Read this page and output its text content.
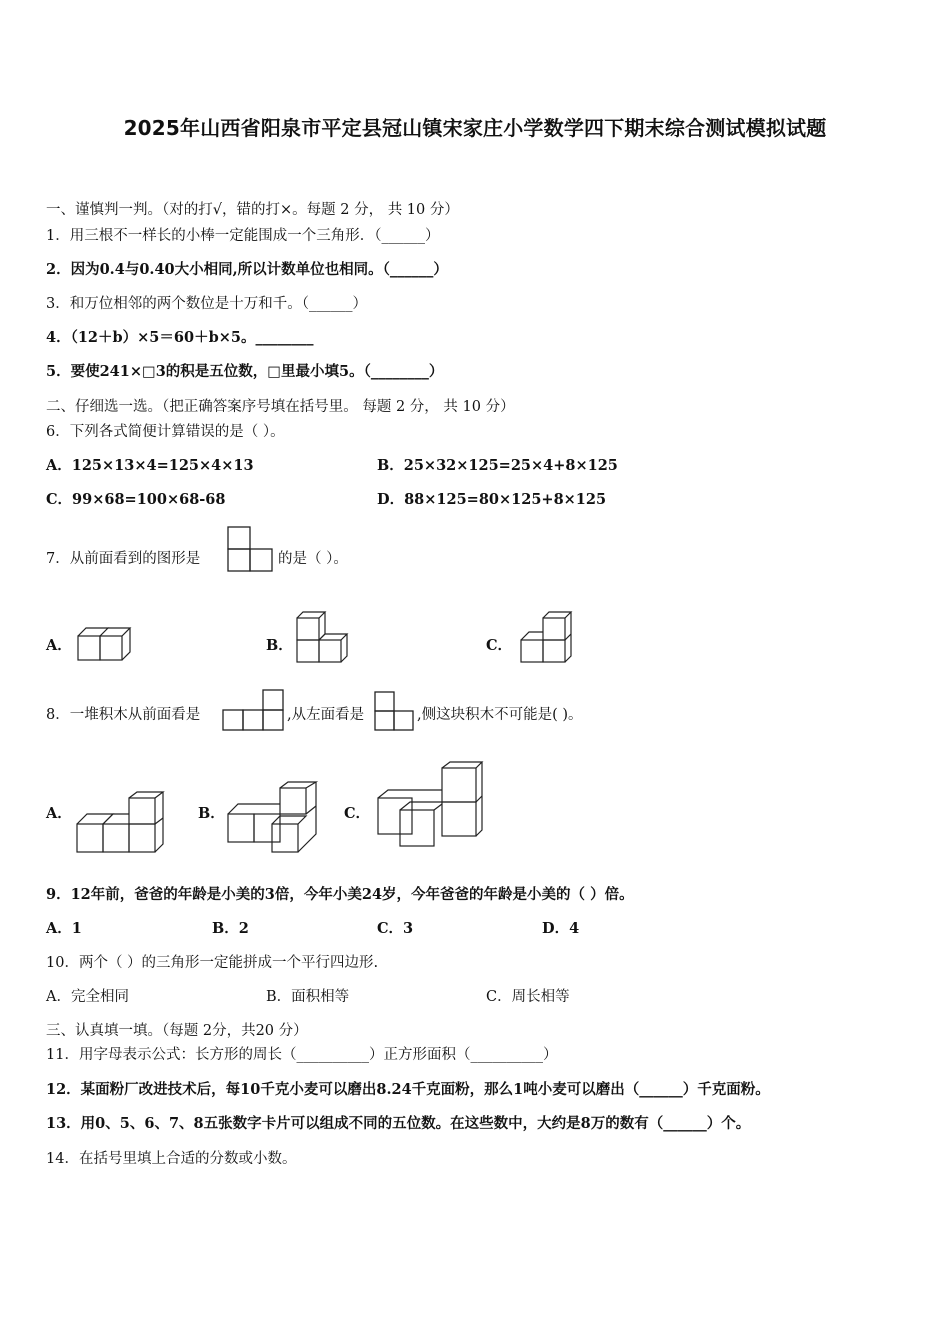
2025年山西省阳泉市平定县冠山镇宋家庄小学数学四下期末综合测试模拟试题
一、谨慎判一判。（对的打√，错的打×。每题 2 分， 共 10 分）
1．用三根不一样长的小棒一定能围成一个三角形．（______）
2．因为0.4与0.40大小相同,所以计数单位也相同。（______）
3．和万位相邻的两个数位是十万和千。（______）
4．（12＋b）×5＝60＋b×5。________
5．要使241×□3的积是五位数，□里最小填5。（________）
二、仔细选一选。（把正确答案序号填在括号里。 每题 2 分， 共 10 分）
6．下列各式简便计算错误的是（ ）。
A．125×13×4=125×4×13	B．25×32×125=25×4+8×125
C．99×68=100×68-68	D．88×125=80×125+8×125
7．从前面看到的图形是	的是（ ）。
A．	B．	C．
8．一堆积木从前面看是	,从左面看是	,侧这块积木不可能是( )。
A．	B．	C．
9．12年前，爸爸的年龄是小美的3倍，今年小美24岁，今年爸爸的年龄是小美的（ ）倍。
A．1	B．2	C．3	D．4
10．两个（ ）的三角形一定能拼成一个平行四边形.
A．完全相同	B．面积相等	C．周长相等
三、认真填一填。（每题 2分，共20 分）
11．用字母表示公式：长方形的周长（__________）正方形面积（__________）
12．某面粉厂改进技术后，每10千克小麦可以磨出8.24千克面粉，那么1吨小麦可以磨出（______）千克面粉。
13．用0、5、6、7、8五张数字卡片可以组成不同的五位数。在这些数中，大约是8万的数有（______）个。
14．在括号里填上合适的分数或小数。
